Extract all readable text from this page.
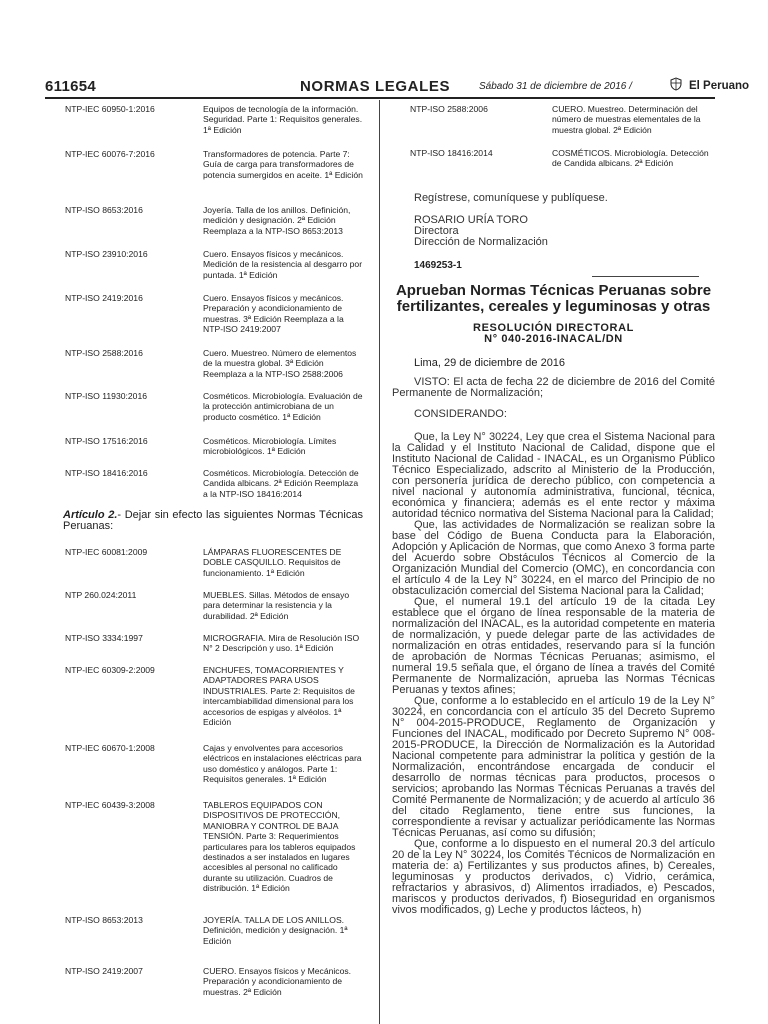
611654	NORMAS LEGALES	Sábado 31 de diciembre de 2016 /	El Peruano
NTP-IEC 60950-1:2016	Equipos de tecnología de la información. Seguridad. Parte 1: Requisitos generales. 1ª Edición
NTP-IEC 60076-7:2016	Transformadores de potencia. Parte 7: Guía de carga para transformadores de potencia sumergidos en aceite. 1ª Edición
NTP-ISO 8653:2016	Joyería. Talla de los anillos. Definición, medición y designación. 2ª Edición Reemplaza a la NTP-ISO 8653:2013
NTP-ISO 23910:2016	Cuero. Ensayos físicos y mecánicos. Medición de la resistencia al desgarro por puntada. 1ª Edición
NTP-ISO 2419:2016	Cuero. Ensayos físicos y mecánicos. Preparación y acondicionamiento de muestras. 3ª Edición Reemplaza a la NTP-ISO 2419:2007
NTP-ISO 2588:2016	Cuero. Muestreo. Número de elementos de la muestra global. 3ª Edición Reemplaza a la NTP-ISO 2588:2006
NTP-ISO 11930:2016	Cosméticos. Microbiología. Evaluación de la protección antimicrobiana de un producto cosmético. 1ª Edición
NTP-ISO 17516:2016	Cosméticos. Microbiología. Límites microbiológicos. 1ª Edición
NTP-ISO 18416:2016	Cosméticos. Microbiología. Detección de Candida albicans. 2ª Edición Reemplaza a la NTP-ISO 18416:2014
Artículo 2.- Dejar sin efecto las siguientes Normas Técnicas Peruanas:
NTP-IEC 60081:2009	LÁMPARAS FLUORESCENTES DE DOBLE CASQUILLO. Requisitos de funcionamiento. 1ª Edición
NTP 260.024:2011	MUEBLES. Sillas. Métodos de ensayo para determinar la resistencia y la durabilidad. 2ª Edición
NTP-ISO 3334:1997	MICROGRAFIA. Mira de Resolución ISO N° 2 Descripción y uso. 1ª Edición
NTP-IEC 60309-2:2009	ENCHUFES, TOMACORRIENTES Y ADAPTADORES PARA USOS INDUSTRIALES. Parte 2: Requisitos de intercambiabilidad dimensional para los accesorios de espigas y alvéolos. 1ª Edición
NTP-IEC 60670-1:2008	Cajas y envolventes para accesorios eléctricos en instalaciones eléctricas para uso doméstico y análogos. Parte 1: Requisitos generales. 1ª Edición
NTP-IEC 60439-3:2008	TABLEROS EQUIPADOS CON DISPOSITIVOS DE PROTECCIÓN, MANIOBRA Y CONTROL DE BAJA TENSIÓN. Parte 3: Requerimientos particulares para los tableros equipados destinados a ser instalados en lugares accesibles al personal no calificado durante su utilización. Cuadros de distribución. 1ª Edición
NTP-ISO 8653:2013	JOYERÍA. TALLA DE LOS ANILLOS. Definición, medición y designación. 1ª Edición
NTP-ISO 2419:2007	CUERO. Ensayos físicos y Mecánicos. Preparación y acondicionamiento de muestras. 2ª Edición
NTP-ISO 2588:2006	CUERO. Muestreo. Determinación del número de muestras elementales de la muestra global. 2ª Edición
NTP-ISO 18416:2014	COSMÉTICOS. Microbiología. Detección de Candida albicans. 2ª Edición
Regístrese, comuníquese y publíquese.
ROSARIO URÍA TORO
Directora
Dirección de Normalización
1469253-1
Aprueban Normas Técnicas Peruanas sobre fertilizantes, cereales y leguminosas y otras
RESOLUCIÓN DIRECTORAL
N° 040-2016-INACAL/DN
Lima, 29 de diciembre de 2016

VISTO: El acta de fecha 22 de diciembre de 2016 del Comité Permanente de Normalización;

CONSIDERANDO:

Que, la Ley N° 30224, Ley que crea el Sistema Nacional para la Calidad y el Instituto Nacional de Calidad, dispone que el Instituto Nacional de Calidad - INACAL, es un Organismo Público Técnico Especializado, adscrito al Ministerio de la Producción, con personería jurídica de derecho público, con competencia a nivel nacional y autonomía administrativa, funcional, técnica, económica y financiera; además es el ente rector y máxima autoridad técnico normativa del Sistema Nacional para la Calidad;

Que, las actividades de Normalización se realizan sobre la base del Código de Buena Conducta para la Elaboración, Adopción y Aplicación de Normas, que como Anexo 3 forma parte del Acuerdo sobre Obstáculos Técnicos al Comercio de la Organización Mundial del Comercio (OMC), en concordancia con el artículo 4 de la Ley N° 30224, en el marco del Principio de no obstaculización comercial del Sistema Nacional para la Calidad;

Que, el numeral 19.1 del artículo 19 de la citada Ley establece que el órgano de línea responsable de la materia de normalización del INACAL, es la autoridad competente en materia de normalización, y puede delegar parte de las actividades de normalización en otras entidades, reservando para sí la función de aprobación de Normas Técnicas Peruanas; asimismo, el numeral 19.5 señala que, el órgano de línea a través del Comité Permanente de Normalización, aprueba las Normas Técnicas Peruanas y textos afines;

Que, conforme a lo establecido en el artículo 19 de la Ley N° 30224, en concordancia con el artículo 35 del Decreto Supremo N° 004-2015-PRODUCE, Reglamento de Organización y Funciones del INACAL, modificado por Decreto Supremo N° 008-2015-PRODUCE, la Dirección de Normalización es la Autoridad Nacional competente para administrar la política y gestión de la Normalización, encontrándose encargada de conducir el desarrollo de normas técnicas para productos, procesos o servicios; aprobando las Normas Técnicas Peruanas a través del Comité Permanente de Normalización; y de acuerdo al artículo 36 del citado Reglamento, tiene entre sus funciones, la correspondiente a revisar y actualizar periódicamente las Normas Técnicas Peruanas, así como su difusión;

Que, conforme a lo dispuesto en el numeral 20.3 del artículo 20 de la Ley N° 30224, los Comités Técnicos de Normalización en materia de: a) Fertilizantes y sus productos afines, b) Cereales, leguminosas y productos derivados, c) Vidrio, cerámica, refractarios y abrasivos, d) Alimentos irradiados, e) Pescados, mariscos y productos derivados, f) Bioseguridad en organismos vivos modificados, g) Leche y productos lácteos, h)
